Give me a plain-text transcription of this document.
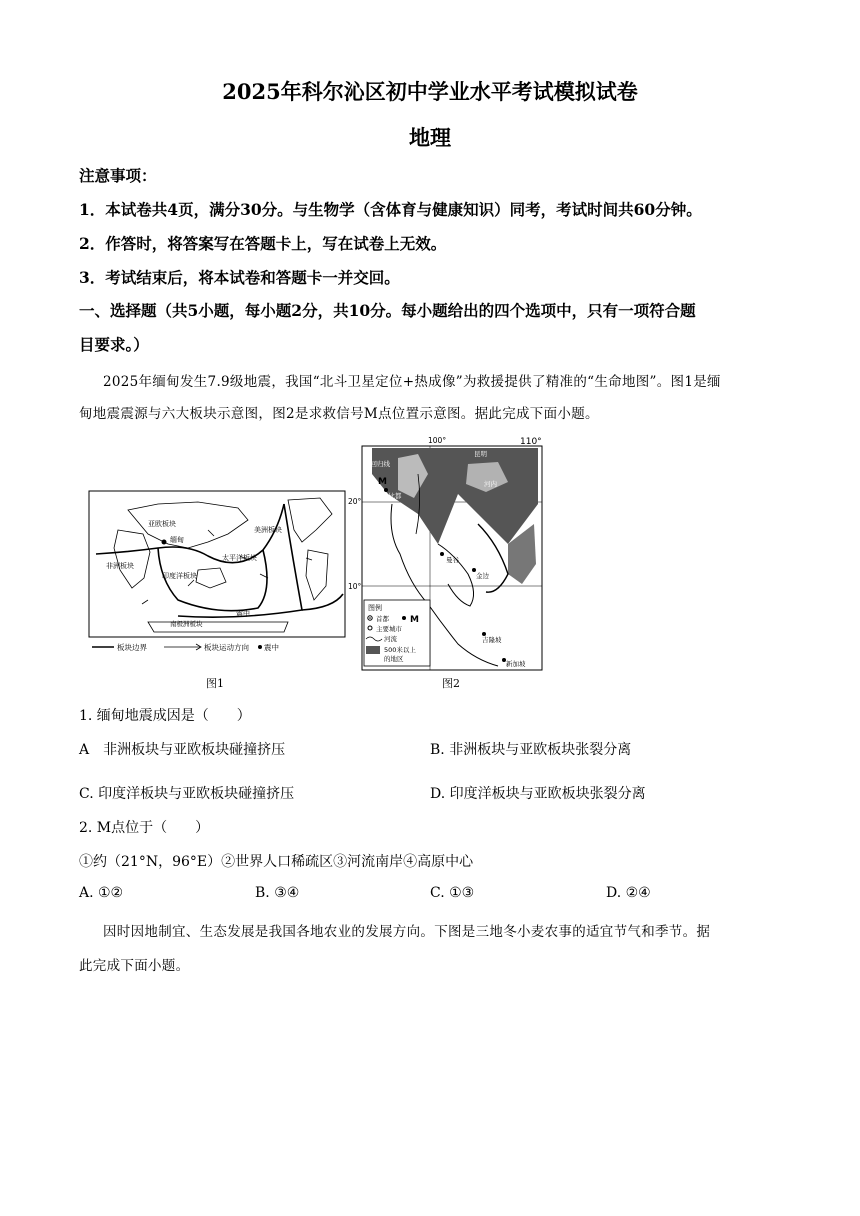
2025年科尔沁区初中学业水平考试模拟试卷
地理
注意事项：
1．本试卷共4页，满分30分。与生物学（含体育与健康知识）同考，考试时间共60分钟。
2．作答时，将答案写在答题卡上，写在试卷上无效。
3．考试结束后，将本试卷和答题卡一并交回。
一、选择题（共5小题，每小题2分，共10分。每小题给出的四个选项中，只有一项符合题
目要求。）
2025年缅甸发生7.9级地震，我国“北斗卫星定位+热成像”为救援提供了精准的“生命地图”。图1是缅
甸地震震源与六大板块示意图，图2是求救信号M点位置示意图。据此完成下面小题。
亚欧板块
美洲板块
太平洋板块
非洲板块
印度洋板块
南极洲板块
缅甸
震中
板块边界	板块运动方向 震中
图1
100°	110°
20°
10°
北回归线
昆明
M
内比都
河内
万象
仰光
曼谷
金边
吉隆坡
新加坡
图例
首都 M
主要城市
河流
500米以上
的地区
图2
1. 缅甸地震成因是（　　）
A　非洲板块与亚欧板块碰撞挤压	B. 非洲板块与亚欧板块张裂分离
C. 印度洋板块与亚欧板块碰撞挤压	D. 印度洋板块与亚欧板块张裂分离
2. M点位于（　　）
①约（21°N，96°E）②世界人口稀疏区③河流南岸④高原中心
A. ①②	B. ③④	C. ①③	D. ②④
因时因地制宜、生态发展是我国各地农业的发展方向。下图是三地冬小麦农事的适宜节气和季节。据
此完成下面小题。
